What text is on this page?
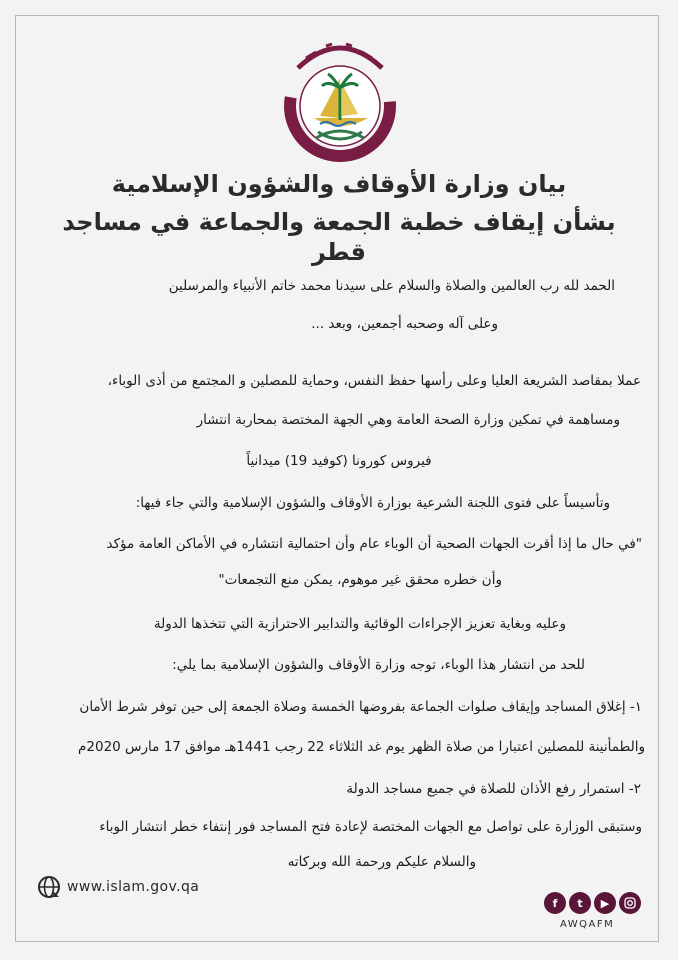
بيان وزارة الأوقاف والشؤون الإسلامية
بشأن إيقاف خطبة الجمعة والجماعة في مساجد قطر
الحمد لله رب العالمين والصلاة والسلام على سيدنا محمد خاتم الأنبياء والمرسلين
وعلى آله وصحبه أجمعين، وبعد ...
عملا بمقاصد الشريعة العليا وعلى رأسها حفظ النفس، وحماية للمصلين و المجتمع من أذى الوباء،
ومساهمة في تمكين وزارة الصحة العامة وهي الجهة المختصة بمحاربة انتشار
فيروس كورونا (كوفيد 19) ميدانياً
وتأسيساً على فتوى اللجنة الشرعية بوزارة الأوقاف والشؤون الإسلامية والتي جاء فيها:
"في حال ما إذا أقرت الجهات الصحية أن الوباء عام وأن احتمالية انتشاره في الأماكن العامة مؤكد
وأن خطره محقق غير موهوم، يمكن منع التجمعات"
وعليه وبغاية تعزيز الإجراءات الوقائية والتدابير الاحترازية التي تتخذها الدولة
للحد من انتشار هذا الوباء، توجه وزارة الأوقاف والشؤون الإسلامية بما يلي:
١- إغلاق المساجد وإيقاف صلوات الجماعة بفروضها الخمسة وصلاة الجمعة إلى حين توفر شرط الأمان
والطمأنينة للمصلين اعتبارا من صلاة الظهر يوم غد الثلاثاء 22 رجب 1441هـ موافق 17 مارس 2020م
٢- استمرار رفع الأذان للصلاة في جميع مساجد الدولة
وستبقى الوزارة على تواصل مع الجهات المختصة لإعادة فتح المساجد فور إنتفاء خطر انتشار الوباء
والسلام عليكم ورحمة الله وبركاته
www.islam.gov.qa
f	t	▶
AWQAFM
